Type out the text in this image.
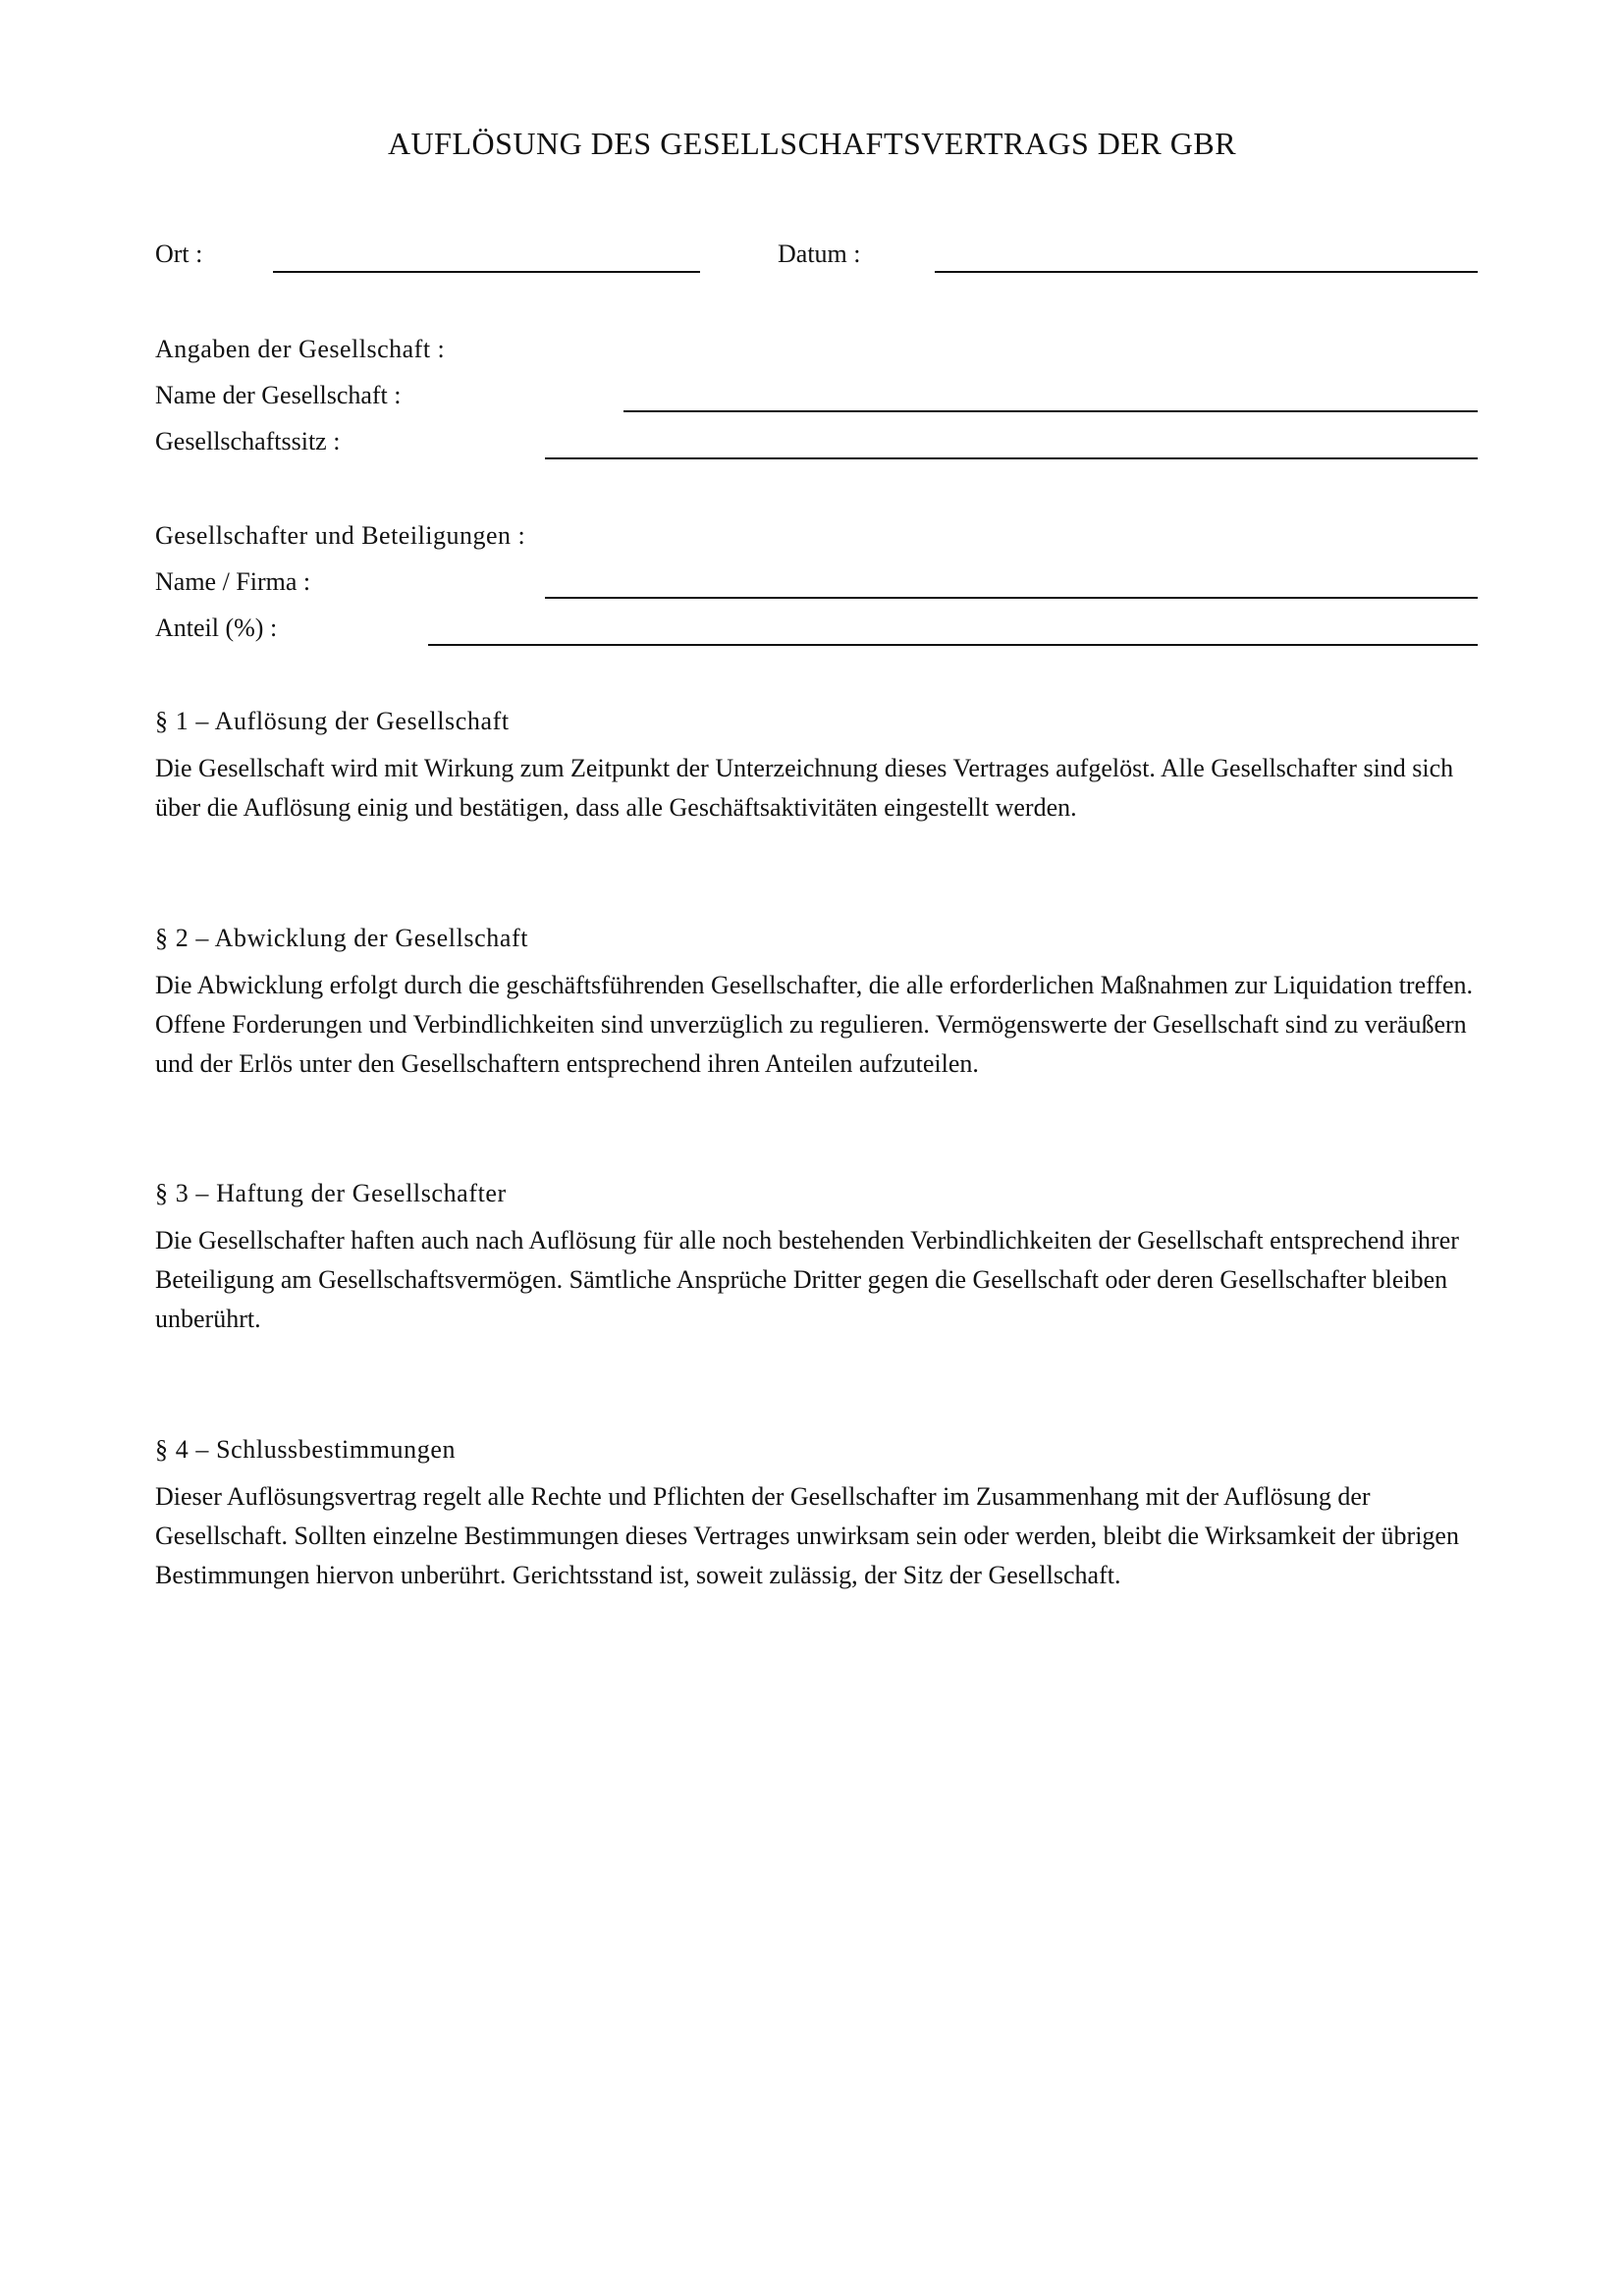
AUFLÖSUNG DES GESELLSCHAFTSVERTRAGS DER GBR
Ort :	Datum :
Angaben der Gesellschaft :
Name der Gesellschaft :
Gesellschaftssitz :
Gesellschafter und Beteiligungen :
Name / Firma :
Anteil (%) :
§ 1 – Auflösung der Gesellschaft
Die Gesellschaft wird mit Wirkung zum Zeitpunkt der Unterzeichnung dieses Vertrages aufgelöst. Alle Gesellschafter sind sich über die Auflösung einig und bestätigen, dass alle Geschäftsaktivitäten eingestellt werden.
§ 2 – Abwicklung der Gesellschaft
Die Abwicklung erfolgt durch die geschäftsführenden Gesellschafter, die alle erforderlichen Maßnahmen zur Liquidation treffen. Offene Forderungen und Verbindlichkeiten sind unverzüglich zu regulieren. Vermögenswerte der Gesellschaft sind zu veräußern und der Erlös unter den Gesellschaftern entsprechend ihren Anteilen aufzuteilen.
§ 3 – Haftung der Gesellschafter
Die Gesellschafter haften auch nach Auflösung für alle noch bestehenden Verbindlichkeiten der Gesellschaft entsprechend ihrer Beteiligung am Gesellschaftsvermögen. Sämtliche Ansprüche Dritter gegen die Gesellschaft oder deren Gesellschafter bleiben unberührt.
§ 4 – Schlussbestimmungen
Dieser Auflösungsvertrag regelt alle Rechte und Pflichten der Gesellschafter im Zusammenhang mit der Auflösung der Gesellschaft. Sollten einzelne Bestimmungen dieses Vertrages unwirksam sein oder werden, bleibt die Wirksamkeit der übrigen Bestimmungen hiervon unberührt. Gerichtsstand ist, soweit zulässig, der Sitz der Gesellschaft.
